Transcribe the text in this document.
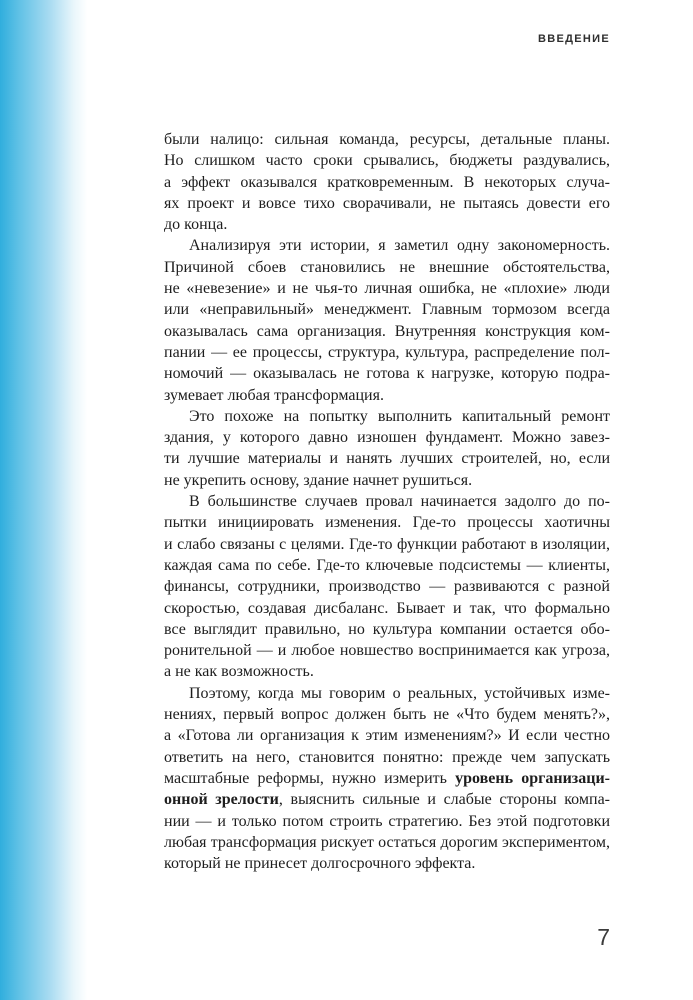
ВВЕДЕНИЕ
были налицо: сильная команда, ресурсы, детальные планы.
Но слишком часто сроки срывались, бюджеты раздувались,
а эффект оказывался кратковременным. В некоторых случа-
ях проект и вовсе тихо сворачивали, не пытаясь довести его
до конца.
Анализируя эти истории, я заметил одну закономерность.
Причиной сбоев становились не внешние обстоятельства,
не «невезение» и не чья-то личная ошибка, не «плохие» люди
или «неправильный» менеджмент. Главным тормозом всегда
оказывалась сама организация. Внутренняя конструкция ком-
пании — ее процессы, структура, культура, распределение пол-
номочий — оказывалась не готова к нагрузке, которую подра-
зумевает любая трансформация.
Это похоже на попытку выполнить капитальный ремонт
здания, у которого давно изношен фундамент. Можно завез-
ти лучшие материалы и нанять лучших строителей, но, если
не укрепить основу, здание начнет рушиться.
В большинстве случаев провал начинается задолго до по-
пытки инициировать изменения. Где-то процессы хаотичны
и слабо связаны с целями. Где-то функции работают в изоляции,
каждая сама по себе. Где-то ключевые подсистемы — клиенты,
финансы, сотрудники, производство — развиваются с разной
скоростью, создавая дисбаланс. Бывает и так, что формально
все выглядит правильно, но культура компании остается обо-
ронительной — и любое новшество воспринимается как угроза,
а не как возможность.
Поэтому, когда мы говорим о реальных, устойчивых изме-
нениях, первый вопрос должен быть не «Что будем менять?»,
а «Готова ли организация к этим изменениям?» И если честно
ответить на него, становится понятно: прежде чем запускать
масштабные реформы, нужно измерить уровень организаци-
онной зрелости, выяснить сильные и слабые стороны компа-
нии — и только потом строить стратегию. Без этой подготовки
любая трансформация рискует остаться дорогим экспериментом,
который не принесет долгосрочного эффекта.
7
